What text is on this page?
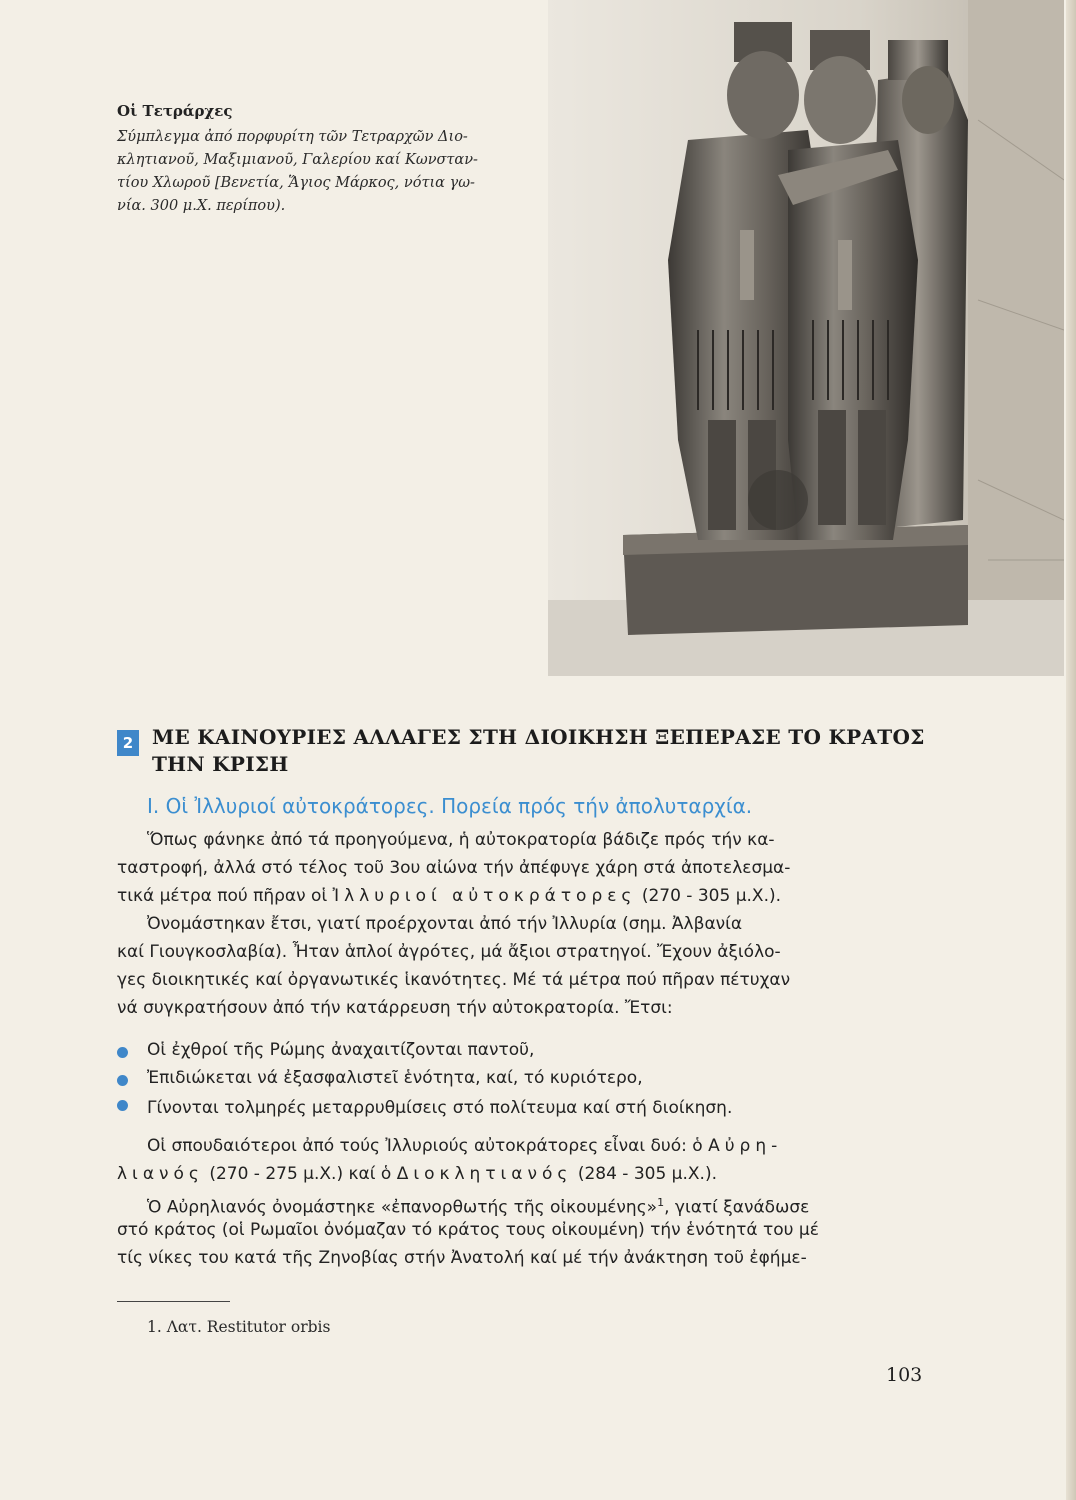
Οἱ Τετράρχες

Σύμπλεγμα ἀπό πορφυρίτη τῶν Τετραρχῶν Διο-

κλητιανοῦ, Μαξιμιανοῦ, Γαλερίου καί Κωνσταν-

τίου Χλωροῦ [Βενετία, Ἅγιος Μάρκος, νότια γω-

νία. 300 μ.Χ. περίπου).

2 ΜΕ ΚΑΙΝΟΥΡΙΕΣ ΑΛΛΑΓΕΣ ΣΤΗ ΔΙΟΙΚΗΣΗ ΞΕΠΕΡΑΣΕ ΤΟ ΚΡΑΤΟΣ
ΤΗΝ ΚΡΙΣΗ
Ι. Οἱ Ἰλλυριοί αὐτοκράτορες. Πορεία πρός τήν ἀπολυταρχία.

Ὅπως φάνηκε ἀπό τά προηγούμενα, ἡ αὐτοκρατορία βάδιζε πρός τήν κα-

ταστροφή, ἀλλά στό τέλος τοῦ 3ου αἰώνα τήν ἀπέφυγε χάρη στά ἀποτελεσμα-

τικά μέτρα πού πῆραν οἱ Ἰλλυριοί αὐτοκράτορες (270 - 305 μ.Χ.).

Ὀνομάστηκαν ἔτσι, γιατί προέρχονται ἀπό τήν Ἰλλυρία (σημ. Ἀλβανία

καί Γιουγκοσλαβία). Ἦταν ἁπλοί ἀγρότες, μά ἄξιοι στρατηγοί. Ἔχουν ἀξιόλο-

γες διοικητικές καί ὀργανωτικές ἱκανότητες. Μέ τά μέτρα πού πῆραν πέτυχαν

νά συγκρατήσουν ἀπό τήν κατάρρευση τήν αὐτοκρατορία. Ἔτσι:

Οἱ ἐχθροί τῆς Ρώμης ἀναχαιτίζονται παντοῦ,

Ἐπιδιώκεται νά ἐξασφαλιστεῖ ἑνότητα, καί, τό κυριότερο,

Γίνονται τολμηρές μεταρρυθμίσεις στό πολίτευμα καί στή διοίκηση.

Οἱ σπουδαιότεροι ἀπό τούς Ἰλλυριούς αὐτοκράτορες εἶναι δυό: ὁ Αὐρη-

λιανός (270 - 275 μ.Χ.) καί ὁ Διοκλητιανός (284 - 305 μ.Χ.).

Ὁ Αὐρηλιανός ὀνομάστηκε «ἐπανορθωτής τῆς οἰκουμένης»$^1$, γιατί ξανάδωσε

στό κράτος (οἱ Ρωμαῖοι ὀνόμαζαν τό κράτος τους οἰκουμένη) τήν ἑνότητά του μέ

τίς νίκες του κατά τῆς Ζηνοβίας στήν Ἀνατολή καί μέ τήν ἀνάκτηση τοῦ ἐφήμε-

1. Λατ. Restitutor orbis

103
